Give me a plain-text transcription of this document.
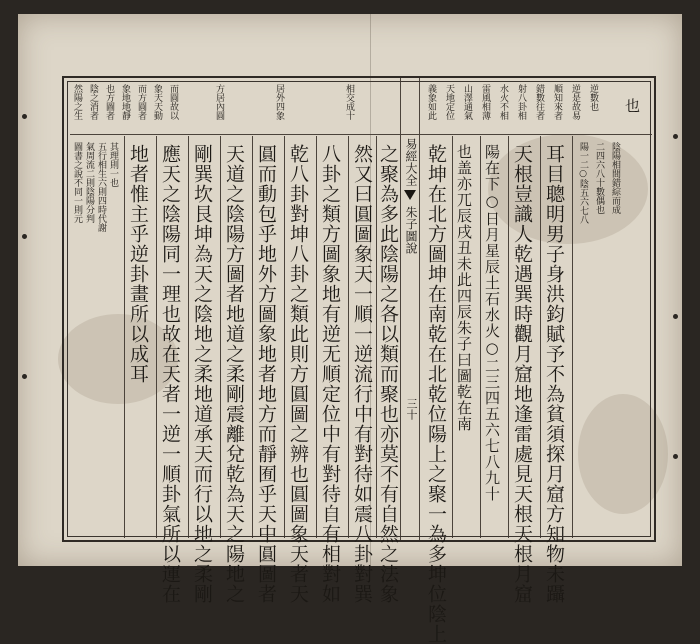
易經大全
朱子圖說
三十
然陽之生 陰之消者 也方圖者 象地地靜 而方圓者 象天天動 而圓故以	方居內圓	居外四象	相交成十
圖書之說不同一則元 氣周流二則陰陽分判 五行相生六則四時代謝 其理則一也 地者惟主乎逆卦畫所以成耳 應天之陰陽同一理也故在天者一逆一順卦氣所以運在 剛巽坎艮坤為天之陰地之柔地道承天而行以地之柔剛 天道之陰陽方圖者地道之柔剛震離兌乾為天之陽地之 圓而動包乎地外方圖象地者地方而靜囿乎天中圓圖者 乾八卦對坤八卦之類此則方圓圖之辨也圓圖象天者天 八卦之類方圖象地有逆无順定位中有對待自有相對如 然又曰圓圖象天一順一逆流行中有對待如震八卦對巽 之聚為多此陰陽之各以類而聚也亦莫不有自然之法象
義象如此 天地定位 山澤通氣 雷風相薄 水火不相 射八卦相 錯數往者 順知來者 逆是故易 逆數也 也
乾坤在北方圖坤在南乾在北乾位陽上之聚一為多坤位陰上 也盖亦兀辰戌丑未此四辰朱子曰圖乾在南 陽在下○日月星辰土石水火○二三四五六七八九十 天根豈識人乾遇巽時觀月窟地逢雷處見天根天根月窟 耳目聰明男子身洪鈞賦予不為貧須探月窟方知物未躡 陽一二○陰五六七八 二四六八十數偶也 陰陽相間錯綜而成
